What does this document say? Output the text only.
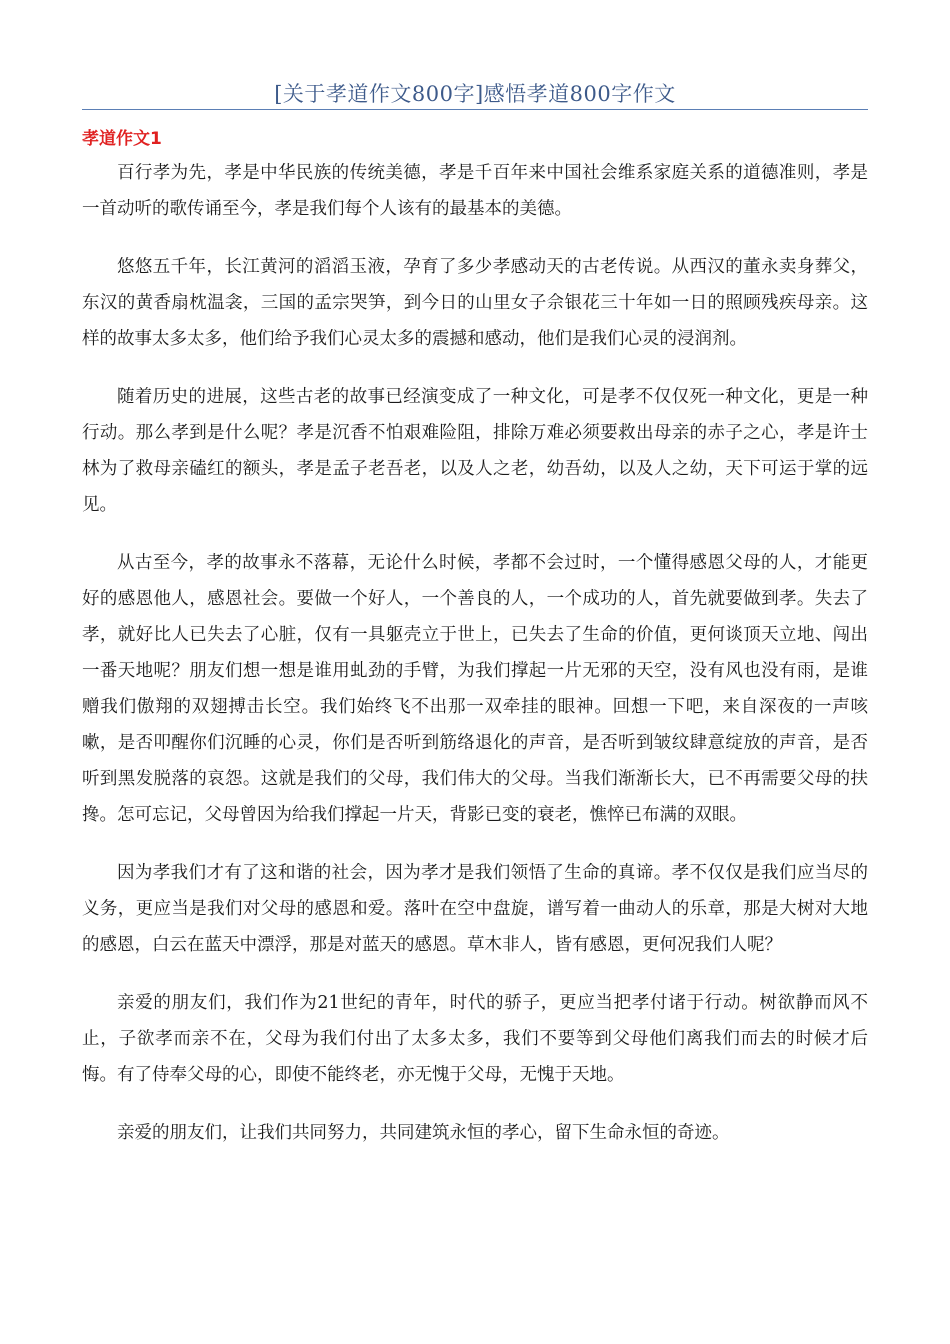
[关于孝道作文800字]感悟孝道800字作文
孝道作文1

百行孝为先，孝是中华民族的传统美德，孝是千百年来中国社会维系家庭关系的道德准则，孝是一首动听的歌传诵至今，孝是我们每个人该有的最基本的美德。

悠悠五千年，长江黄河的滔滔玉液，孕育了多少孝感动天的古老传说。从西汉的董永卖身葬父，东汉的黄香扇枕温衾，三国的孟宗哭笋，到今日的山里女子佘银花三十年如一日的照顾残疾母亲。这样的故事太多太多，他们给予我们心灵太多的震撼和感动，他们是我们心灵的浸润剂。

随着历史的进展，这些古老的故事已经演变成了一种文化，可是孝不仅仅死一种文化，更是一种行动。那么孝到是什么呢？孝是沉香不怕艰难险阻，排除万难必须要救出母亲的赤子之心，孝是许士林为了救母亲磕红的额头，孝是孟子老吾老，以及人之老，幼吾幼，以及人之幼，天下可运于掌的远见。

从古至今，孝的故事永不落幕，无论什么时候，孝都不会过时，一个懂得感恩父母的人，才能更好的感恩他人，感恩社会。要做一个好人，一个善良的人，一个成功的人，首先就要做到孝。失去了孝，就好比人已失去了心脏，仅有一具躯壳立于世上，已失去了生命的价值，更何谈顶天立地、闯出一番天地呢？朋友们想一想是谁用虬劲的手臂，为我们撑起一片无邪的天空，没有风也没有雨，是谁赠我们傲翔的双翅搏击长空。我们始终飞不出那一双牵挂的眼神。回想一下吧，来自深夜的一声咳嗽，是否叩醒你们沉睡的心灵，你们是否听到筋络退化的声音，是否听到皱纹肆意绽放的声音，是否听到黑发脱落的哀怨。这就是我们的父母，我们伟大的父母。当我们渐渐长大，已不再需要父母的扶搀。怎可忘记，父母曾因为给我们撑起一片天，背影已变的衰老，憔悴已布满的双眼。

因为孝我们才有了这和谐的社会，因为孝才是我们领悟了生命的真谛。孝不仅仅是我们应当尽的义务，更应当是我们对父母的感恩和爱。落叶在空中盘旋，谱写着一曲动人的乐章，那是大树对大地的感恩，白云在蓝天中漂浮，那是对蓝天的感恩。草木非人，皆有感恩，更何况我们人呢？

亲爱的朋友们，我们作为21世纪的青年，时代的骄子，更应当把孝付诸于行动。树欲静而风不止，子欲孝而亲不在，父母为我们付出了太多太多，我们不要等到父母他们离我们而去的时候才后悔。有了侍奉父母的心，即使不能终老，亦无愧于父母，无愧于天地。

亲爱的朋友们，让我们共同努力，共同建筑永恒的孝心，留下生命永恒的奇迹。
